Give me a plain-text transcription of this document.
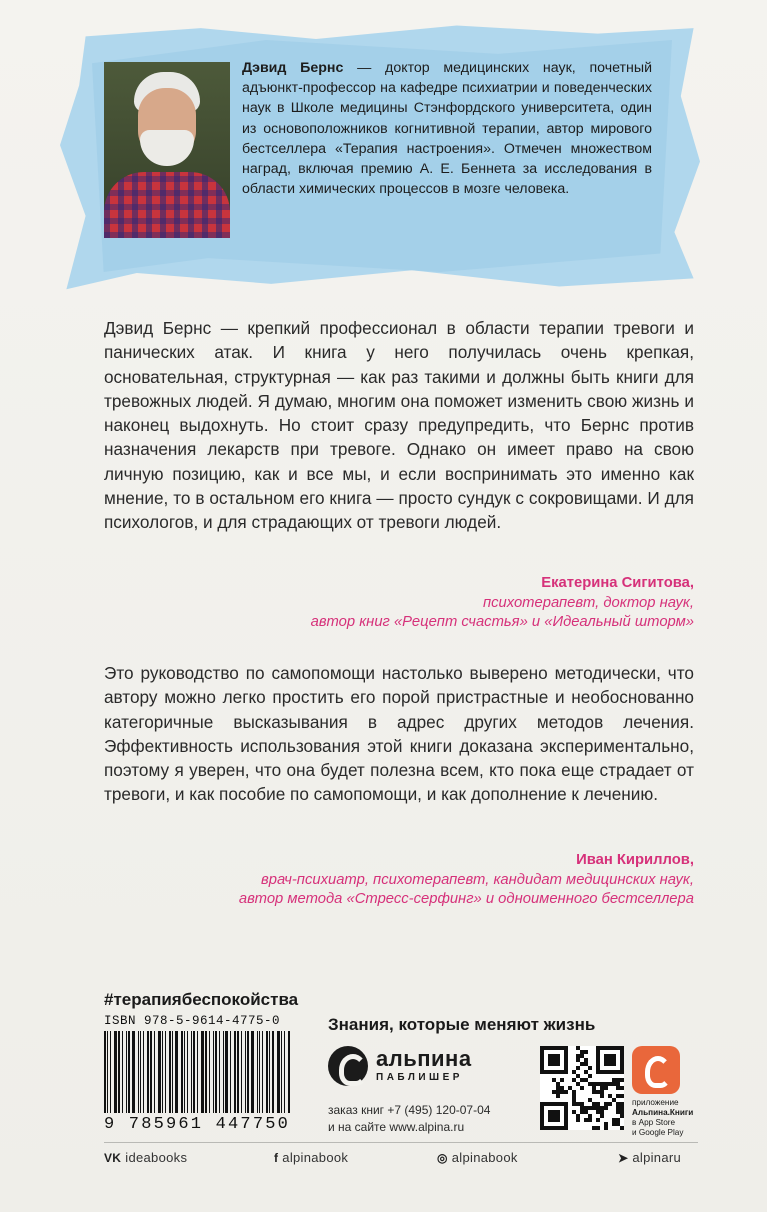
Дэвид Бернс — доктор медицинских наук, почетный адъюнкт-профессор на кафедре психиатрии и поведенческих наук в Школе медицины Стэнфордского университета, один из основоположников когнитивной терапии, автор мирового бестселлера «Терапия настроения». Отмечен множеством наград, включая премию А. Е. Беннета за исследования в области химических процессов в мозге человека.
Дэвид Бернс — крепкий профессионал в области терапии тревоги и панических атак. И книга у него получилась очень крепкая, основательная, структурная — как раз такими и должны быть книги для тревожных людей. Я думаю, многим она поможет изменить свою жизнь и наконец выдохнуть. Но стоит сразу предупредить, что Бернс против назначения лекарств при тревоге. Однако он имеет право на свою личную позицию, как и все мы, и если воспринимать это именно как мнение, то в остальном его книга — просто сундук с сокровищами. И для психологов, и для страдающих от тревоги людей.
Екатерина Сигитова,
психотерапевт, доктор наук,
автор книг «Рецепт счастья» и «Идеальный шторм»
Это руководство по самопомощи настолько выверено методически, что автору можно легко простить его порой пристрастные и необоснованно категоричные высказывания в адрес других методов лечения. Эффективность использования этой книги доказана экспериментально, поэтому я уверен, что она будет полезна всем, кто пока еще страдает от тревоги, и как пособие по самопомощи, и как дополнение к лечению.
Иван Кириллов,
врач-психиатр, психотерапевт, кандидат медицинских наук,
автор метода «Стресс-серфинг» и одноименного бестселлера
#терапиябеспокойства
Знания, которые меняют жизнь
ISBN 978-5-9614-4775-0
9 785961 447750
альпина
ПАБЛИШЕР
заказ книг +7 (495) 120-07-04
и на сайте www.alpina.ru
приложение
Альпина.Книги
в App Store
и Google Play
VK ideabooks	f alpinabook	◎ alpinabook	➤ alpinaru
